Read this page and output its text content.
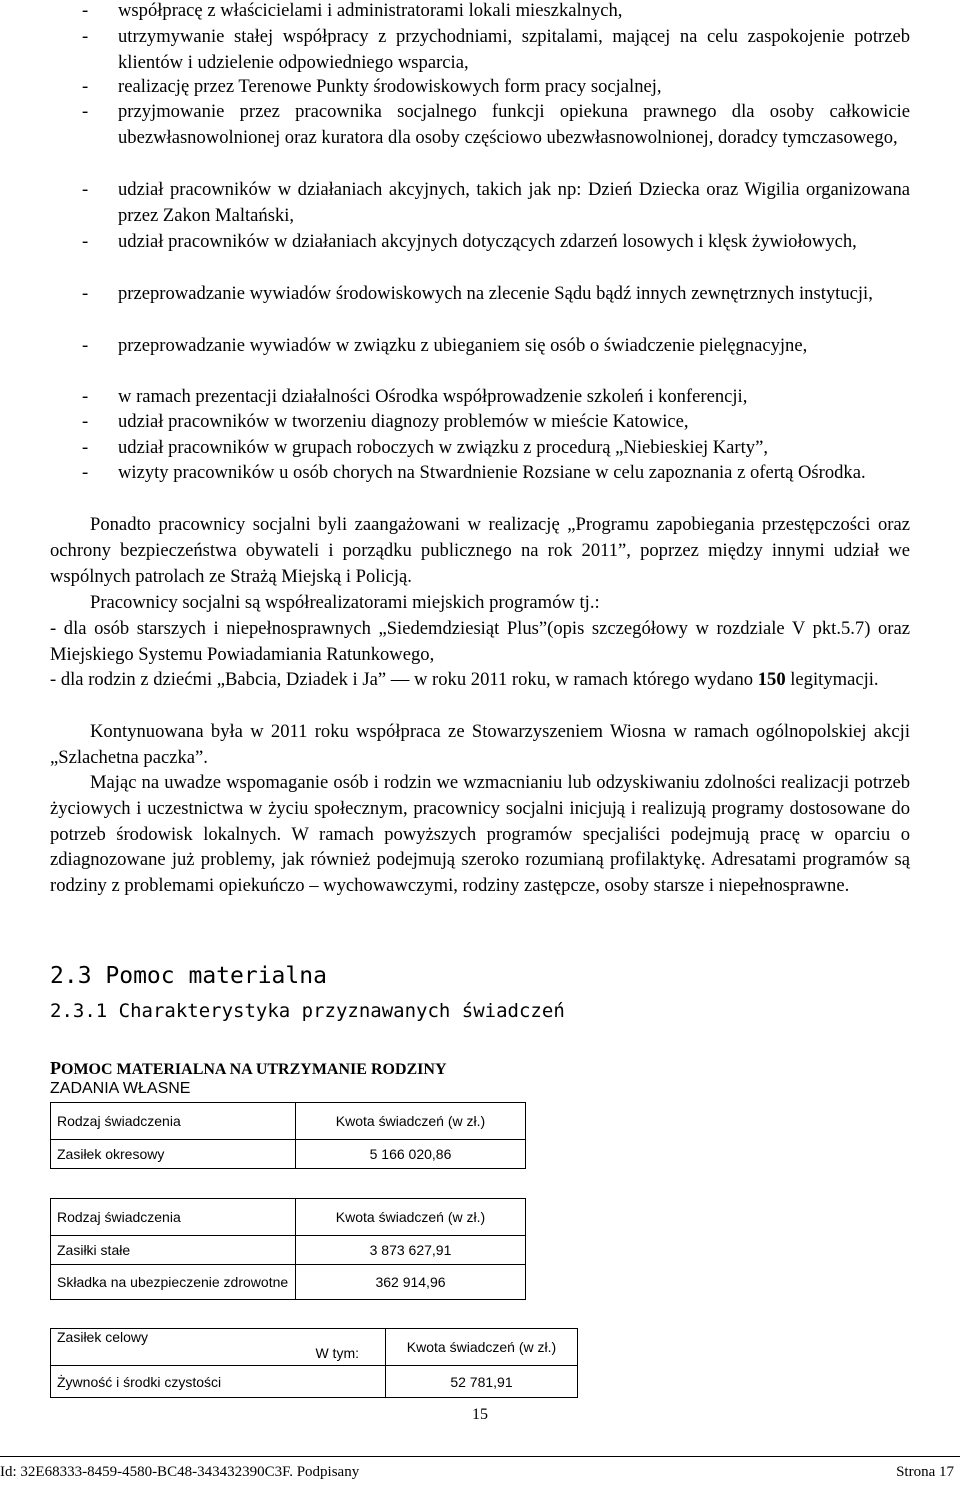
- współpracę z właścicielami i administratorami lokali mieszkalnych,
- utrzymywanie stałej współpracy z przychodniami, szpitalami, mającej na celu zaspokojenie potrzeb klientów i udzielenie odpowiedniego wsparcia,
- realizację przez Terenowe Punkty środowiskowych form pracy socjalnej,
- przyjmowanie przez pracownika socjalnego funkcji opiekuna prawnego dla osoby całkowicie ubezwłasnowolnionej oraz kuratora dla osoby częściowo ubezwłasnowolnionej, doradcy tymczasowego,
- udział pracowników w działaniach akcyjnych, takich jak np: Dzień Dziecka oraz Wigilia organizowana przez Zakon Maltański,
- udział pracowników w działaniach akcyjnych dotyczących zdarzeń losowych i klęsk żywiołowych,
- przeprowadzanie wywiadów środowiskowych na zlecenie Sądu bądź innych zewnętrznych instytucji,
- przeprowadzanie wywiadów w związku z ubieganiem się osób o świadczenie pielęgnacyjne,
- w ramach prezentacji działalności Ośrodka współprowadzenie szkoleń i konferencji,
- udział pracowników w tworzeniu diagnozy problemów w mieście Katowice,
- udział pracowników w grupach roboczych w związku z procedurą „Niebieskiej Karty”,
- wizyty pracowników u osób chorych na Stwardnienie Rozsiane w celu zapoznania z ofertą Ośrodka.
Ponadto pracownicy socjalni byli zaangażowani w realizację „Programu zapobiegania przestępczości oraz ochrony bezpieczeństwa obywateli i porządku publicznego na rok 2011”, poprzez między innymi udział we wspólnych patrolach ze Strażą Miejską i Policją.
Pracownicy socjalni są współrealizatorami miejskich programów tj.:
- dla osób starszych i niepełnosprawnych „Siedemdziesiąt Plus”(opis szczegółowy w rozdziale V pkt.5.7) oraz Miejskiego Systemu Powiadamiania Ratunkowego,
- dla rodzin z dziećmi „Babcia, Dziadek i Ja” — w roku 2011 roku, w ramach którego wydano 150 legitymacji.
Kontynuowana była w 2011 roku współpraca ze Stowarzyszeniem Wiosna w ramach ogólnopolskiej akcji „Szlachetna paczka”.
Mając na uwadze wspomaganie osób i rodzin we wzmacnianiu lub odzyskiwaniu zdolności realizacji potrzeb życiowych i uczestnictwa w życiu społecznym, pracownicy socjalni inicjują i realizują programy dostosowane do potrzeb środowisk lokalnych. W ramach powyższych programów specjaliści podejmują pracę w oparciu o zdiagnozowane już problemy, jak również podejmują szeroko rozumianą profilaktykę. Adresatami programów są rodziny z problemami opiekuńczo – wychowawczymi, rodziny zastępcze, osoby starsze i niepełnosprawne.
2.3 Pomoc materialna
2.3.1 Charakterystyka przyznawanych świadczeń
POMOC MATERIALNA NA UTRZYMANIE RODZINY
ZADANIA WŁASNE
Rodzaj świadczenia	Kwota świadczeń (w zł.)
Zasiłek okresowy	5 166 020,86
Rodzaj świadczenia	Kwota świadczeń (w zł.)
Zasiłki stałe	3 873 627,91
Składka na ubezpieczenie zdrowotne	362 914,96
Zasiłek celowy
W tym:	Kwota świadczeń (w zł.)
Żywność i środki czystości	52 781,91
15
Id: 32E68333-8459-4580-BC48-343432390C3F. Podpisany	Strona 17
